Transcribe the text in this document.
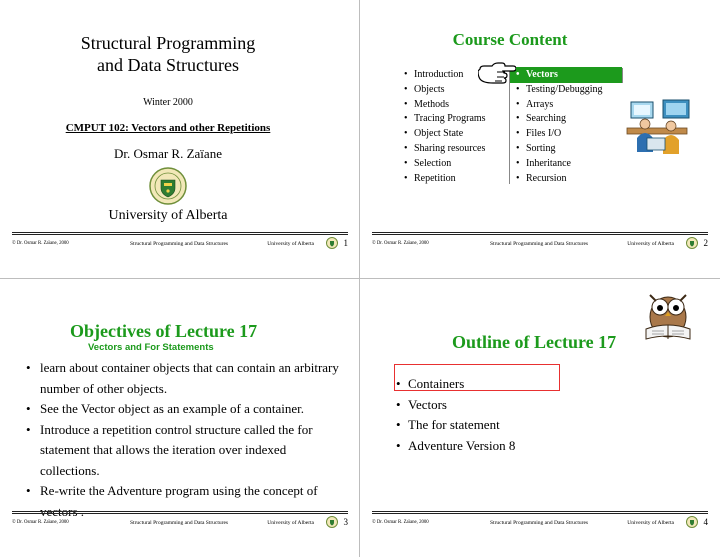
Structural Programming
and Data Structures
Winter 2000
CMPUT 102: Vectors and other Repetitions
Dr. Osmar R. Zaïane
University of Alberta
© Dr. Osmar R. Zaïane, 2000	Structural Programming and Data Structures	University of Alberta	1
Course Content
• Introduction
• Objects
• Methods
• Tracing Programs
• Object State
• Sharing resources
• Selection
• Repetition
• Vectors
• Testing/Debugging
• Arrays
• Searching
• Files I/O
• Sorting
• Inheritance
• Recursion
© Dr. Osmar R. Zaïane, 2000	Structural Programming and Data Structures	University of Alberta	2
Objectives of Lecture 17
Vectors and For Statements
• learn about container objects that can contain an arbitrary number of other objects.
• See the Vector object as an example of a container.
• Introduce a repetition control structure called the for statement that allows the iteration over indexed collections.
• Re-write the Adventure program using the concept of
© Dr. Osmar R. Zaïane, 2000	Structural Programming and Data Structures	University of Alberta	3
Outline of Lecture 17
• Containers
• Vectors
• The for statement
• Adventure Version 8
© Dr. Osmar R. Zaïane, 2000	Structural Programming and Data Structures	University of Alberta	4
